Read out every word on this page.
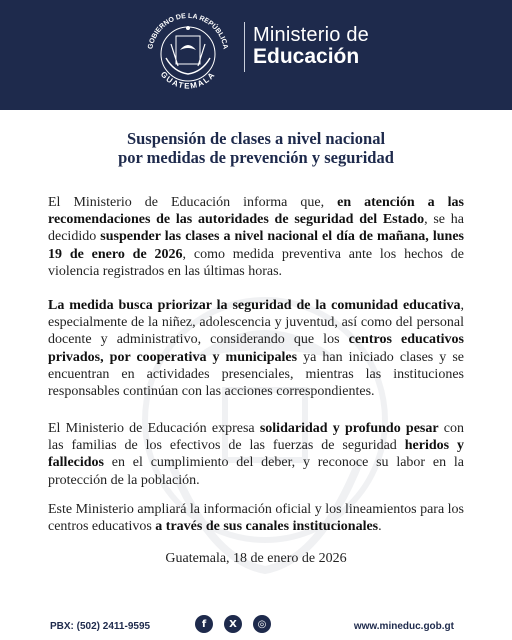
GOBIERNO DE LA REPÚBLICA
GUATEMALA
Ministerio de
Educación
Suspensión de clases a nivel nacional
por medidas de prevención y seguridad

El Ministerio de Educación informa que, en atención a las recomendaciones de las autoridades de seguridad del Estado, se ha decidido suspender las clases a nivel nacional el día de mañana, lunes 19 de enero de 2026, como medida preventiva ante los hechos de violencia registrados en las últimas horas.

La medida busca priorizar la seguridad de la comunidad educativa, especialmente de la niñez, adolescencia y juventud, así como del personal docente y administrativo, considerando que los centros educativos privados, por cooperativa y municipales ya han iniciado clases y se encuentran en actividades presenciales, mientras las instituciones responsables continúan con las acciones correspondientes.

El Ministerio de Educación expresa solidaridad y profundo pesar con las familias de los efectivos de las fuerzas de seguridad heridos y fallecidos en el cumplimiento del deber, y reconoce su labor en la protección de la población.

Este Ministerio ampliará la información oficial y los lineamientos para los centros educativos a través de sus canales institucionales.

Guatemala, 18 de enero de 2026
PBX: (502) 2411-9595	f	X	◎	www.mineduc.gob.gt
